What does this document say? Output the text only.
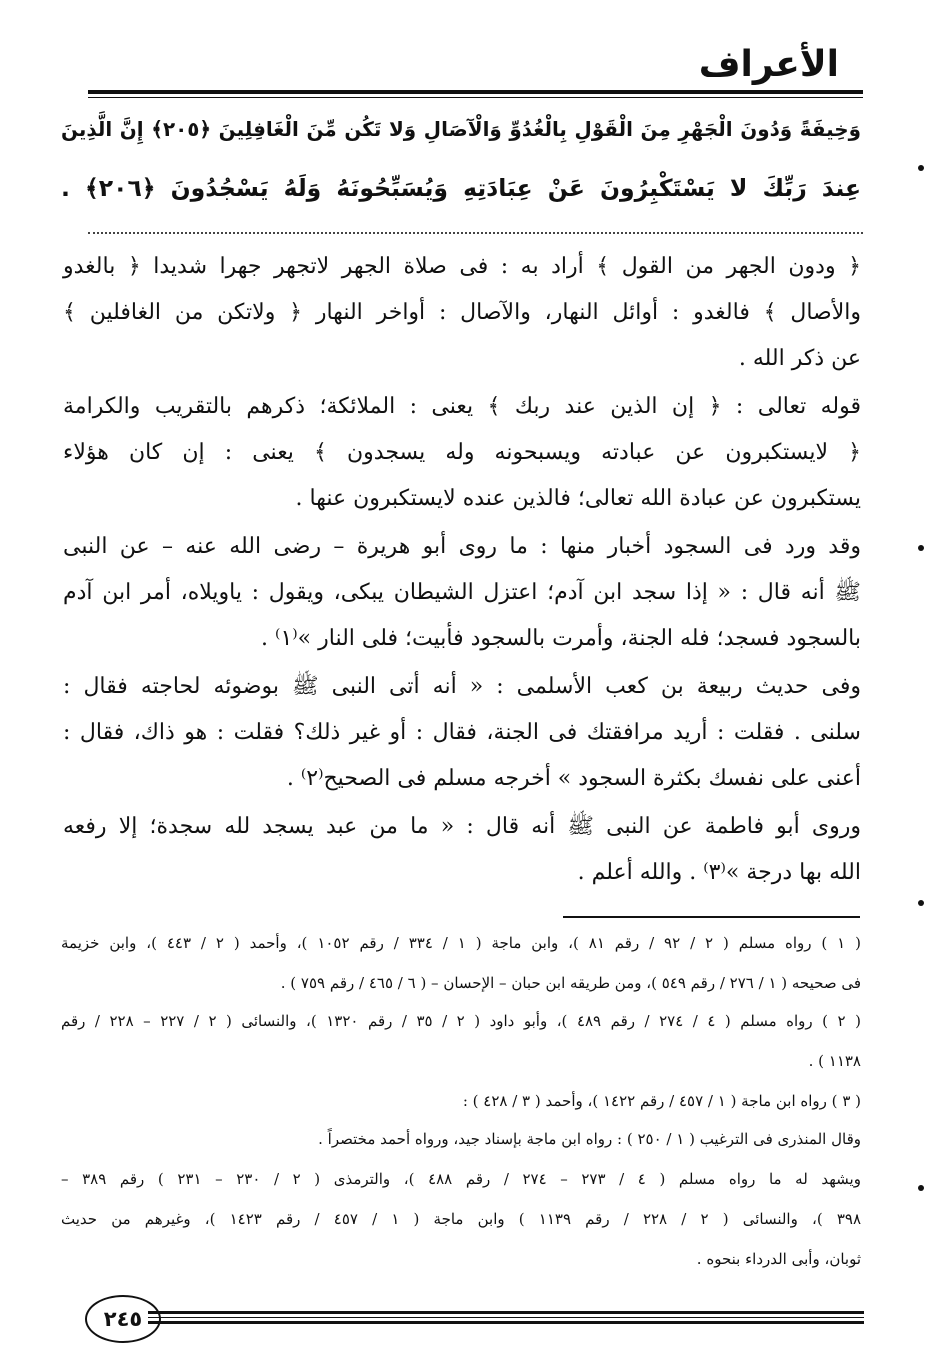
الأعراف
وَخِيفَةً وَدُونَ الْجَهْرِ مِنَ الْقَوْلِ بِالْغُدُوِّ وَالْآصَالِ وَلا تَكُن مِّنَ الْغَافِلِينَ ﴿٢٠٥﴾ إِنَّ الَّذِينَ
عِندَ رَبِّكَ لا يَسْتَكْبِرُونَ عَنْ عِبَادَتِهِ وَيُسَبِّحُونَهُ وَلَهُ يَسْجُدُونَ ﴿٢٠٦﴾ .
﴿ ودون الجهر من القول ﴾ أراد به : فى صلاة الجهر لاتجهر جهرا شديدا ﴿ بالغدو
والأصال ﴾ فالغدو : أوائل النهار، والآصال : أواخر النهار ﴿ ولاتكن من الغافلين ﴾
عن ذكر الله .
قوله تعالى : ﴿ إن الذين عند ربك ﴾ يعنى : الملائكة؛ ذكرهم بالتقريب والكرامة
﴿ لايستكبرون عن عبادته ويسبحونه وله يسجدون ﴾ يعنى : إن كان هؤلاء
يستكبرون عن عبادة الله تعالى؛ فالذين عنده لايستكبرون عنها .
وقد ورد فى السجود أخبار منها : ما روى أبو هريرة – رضى الله عنه – عن النبى
ﷺ أنه قال : « إذا سجد ابن آدم؛ اعتزل الشيطان يبكى، ويقول : ياويلاه، أمر ابن آدم
بالسجود فسجد؛ فله الجنة، وأمرت بالسجود فأبيت؛ فلى النار »⁽١⁾ .
وفى حديث ربيعة بن كعب الأسلمى : « أنه أتى النبى ﷺ بوضوئه لحاجته فقال :
سلنى . فقلت : أريد مرافقتك فى الجنة، فقال : أو غير ذلك؟ فقلت : هو ذاك، فقال :
أعنى على نفسك بكثرة السجود » أخرجه مسلم فى الصحيح⁽٢⁾ .
وروى أبو فاطمة عن النبى ﷺ أنه قال : « ما من عبد يسجد لله سجدة؛ إلا رفعه
الله بها درجة »⁽٣⁾ . والله أعلم .
( ١ ) رواه مسلم ( ٢ / ٩٢ / رقم ٨١ )، وابن ماجة ( ١ / ٣٣٤ / رقم ١٠٥٢ )، وأحمد ( ٢ / ٤٤٣ )، وابن خزيمة
فى صحيحه ( ١ / ٢٧٦ / رقم ٥٤٩ )، ومن طريقه ابن حبان – الإحسان – ( ٦ / ٤٦٥ / رقم ٧٥٩ ) .
( ٢ ) رواه مسلم ( ٤ / ٢٧٤ / رقم ٤٨٩ )، وأبو داود ( ٢ / ٣٥ / رقم ١٣٢٠ )، والنسائى ( ٢ / ٢٢٧ – ٢٢٨ / رقم
١١٣٨ ) .
( ٣ ) رواه ابن ماجة ( ١ / ٤٥٧ / رقم ١٤٢٢ )، وأحمد ( ٣ / ٤٢٨ ) :
وقال المنذرى فى الترغيب ( ١ / ٢٥٠ ) : رواه ابن ماجة بإسناد جيد، ورواه أحمد مختصراً .
ويشهد له ما رواه مسلم ( ٤ / ٢٧٣ – ٢٧٤ / رقم ٤٨٨ )، والترمذى ( ٢ / ٢٣٠ – ٢٣١ ) رقم ٣٨٩ –
٣٩٨ )، والنسائى ( ٢ / ٢٢٨ / رقم ١١٣٩ ) وابن ماجة ( ١ / ٤٥٧ / رقم ١٤٢٣ )، وغيرهم من حديث
ثوبان، وأبى الدرداء بنحوه .
٢٤٥
